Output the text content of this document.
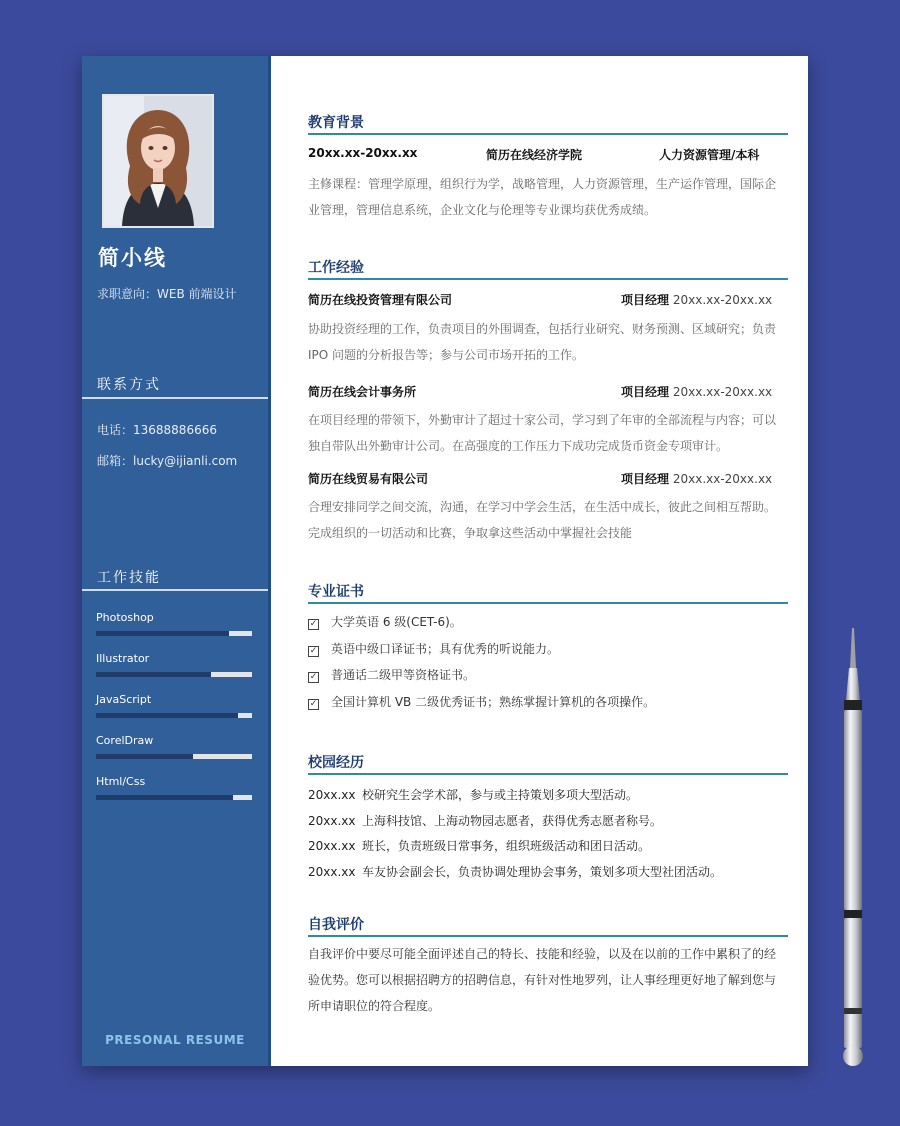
简小线
求职意向：WEB 前端设计
联系方式
电话：13688886666
邮箱：lucky@ijianli.com
工作技能
Photoshop
Illustrator
JavaScript
CorelDraw
Html/Css
PRESONAL RESUME
教育背景
20xx.xx-20xx.xx	简历在线经济学院	人力资源管理/本科
主修课程：管理学原理，组织行为学，战略管理，人力资源管理，生产运作管理，国际企
业管理，管理信息系统，企业文化与伦理等专业课均获优秀成绩。
工作经验
简历在线投资管理有限公司	项目经理 20xx.xx-20xx.xx
协助投资经理的工作，负责项目的外围调查，包括行业研究、财务预测、区域研究；负责
IPO 问题的分析报告等；参与公司市场开拓的工作。
简历在线会计事务所	项目经理 20xx.xx-20xx.xx
在项目经理的带领下，外勤审计了超过十家公司，学习到了年审的全部流程与内容；可以
独自带队出外勤审计公司。在高强度的工作压力下成功完成货币资金专项审计。
简历在线贸易有限公司	项目经理 20xx.xx-20xx.xx
合理安排同学之间交流，沟通，在学习中学会生活，在生活中成长，彼此之间相互帮助。
完成组织的一切活动和比赛，争取拿这些活动中掌握社会技能
专业证书
✓ 大学英语 6 级(CET-6)。
✓ 英语中级口译证书；具有优秀的听说能力。
✓ 普通话二级甲等资格证书。
✓ 全国计算机 VB 二级优秀证书；熟练掌握计算机的各项操作。
校园经历
20xx.xx 校研究生会学术部，参与或主持策划多项大型活动。
20xx.xx 上海科技馆、上海动物园志愿者，获得优秀志愿者称号。
20xx.xx 班长，负责班级日常事务，组织班级活动和团日活动。
20xx.xx 车友协会副会长，负责协调处理协会事务，策划多项大型社团活动。
自我评价
自我评价中要尽可能全面评述自己的特长、技能和经验，以及在以前的工作中累积了的经
验优势。您可以根据招聘方的招聘信息，有针对性地罗列，让人事经理更好地了解到您与
所申请职位的符合程度。
